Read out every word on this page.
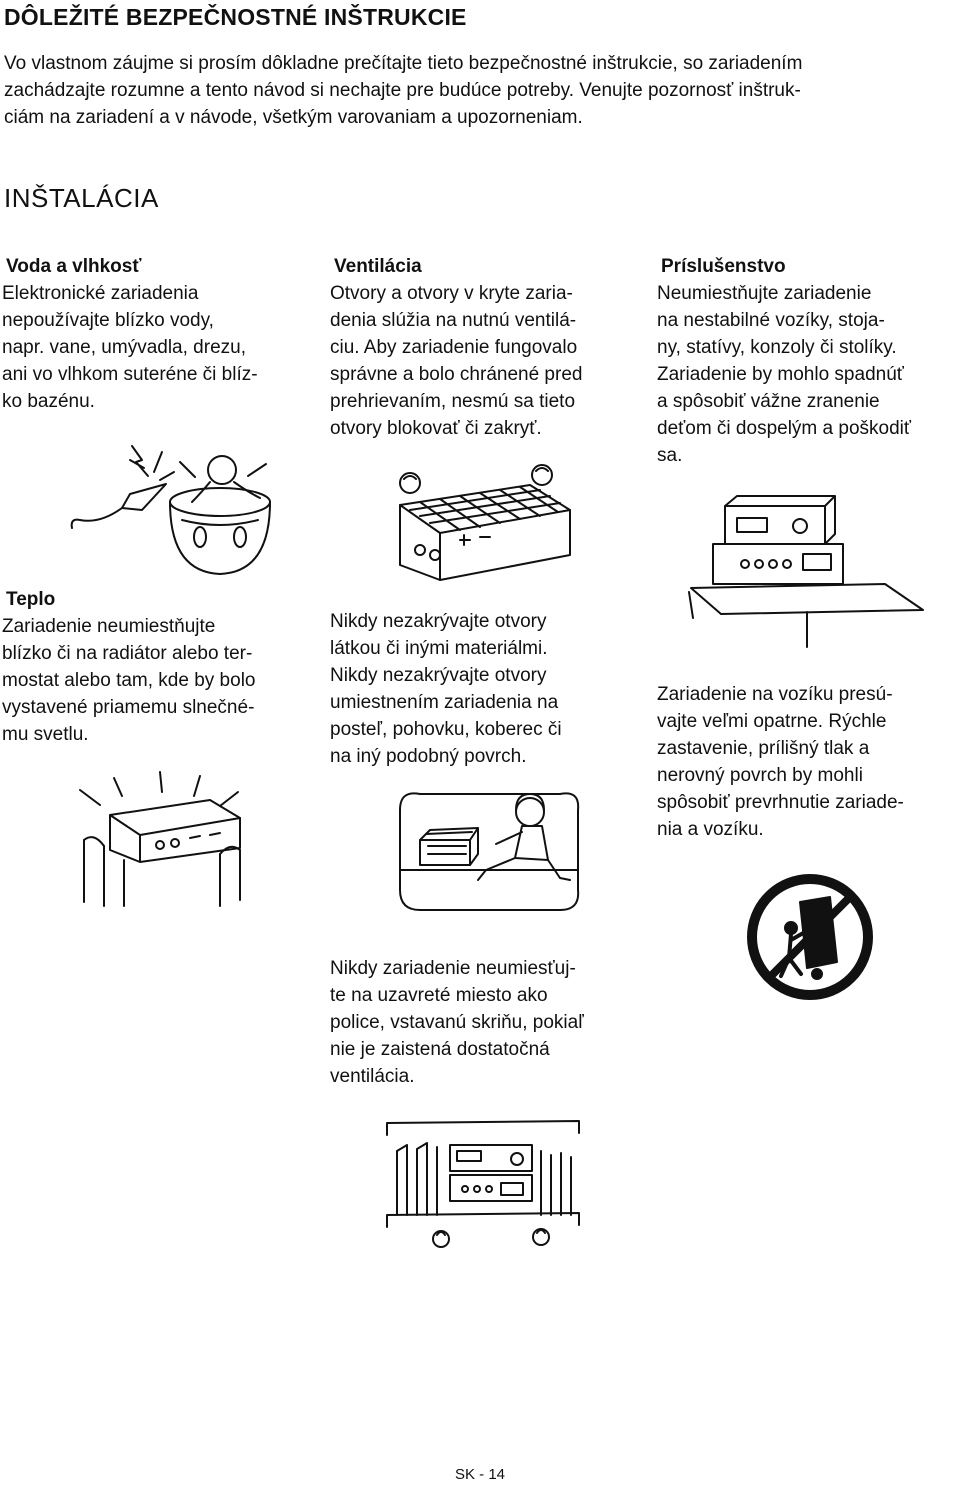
DÔLEŽITÉ BEZPEČNOSTNÉ INŠTRUKCIE
Vo vlastnom záujme si prosím dôkladne prečítajte tieto bezpečnostné inštrukcie, so zariadením
zachádzajte rozumne a tento návod si nechajte pre budúce potreby. Venujte pozornosť inštruk-
ciám na zariadení a v návode, všetkým varovaniam a upozorneniam.
INŠTALÁCIA
Voda a vlhkosť

Elektronické zariadenia

nepoužívajte blízko vody,

napr. vane, umývadla, drezu,

ani vo vlhkom suteréne či blíz-

ko bazénu.

Ventilácia

Otvory a otvory v kryte zaria-

denia slúžia na nutnú ventilá-

ciu. Aby zariadenie fungovalo

správne a bolo chránené pred

prehrievaním, nesmú sa tieto

otvory blokovať či zakryť.

Príslušenstvo

Neumiestňujte zariadenie

na nestabilné vozíky, stoja-

ny, statívy, konzoly či stolíky.

Zariadenie by mohlo spadnúť

a spôsobiť vážne zranenie

deťom či dospelým a poškodiť

sa.

Teplo

Zariadenie neumiestňujte

blízko či na radiátor alebo ter-

mostat alebo tam, kde by bolo

vystavené priamemu slnečné-

mu svetlu.

Nikdy nezakrývajte otvory

látkou či inými materiálmi.

Nikdy nezakrývajte otvory

umiestnením zariadenia na

posteľ, pohovku, koberec či

na iný podobný povrch.

Zariadenie na vozíku presú-

vajte veľmi opatrne. Rýchle

zastavenie, prílišný tlak a

nerovný povrch by mohli

spôsobiť prevrhnutie zariade-

nia a vozíku.

Nikdy zariadenie neumiesťuj-

te na uzavreté miesto ako

police, vstavanú skriňu, pokiaľ

nie je zaistená dostatočná

ventilácia.

SK - 14
